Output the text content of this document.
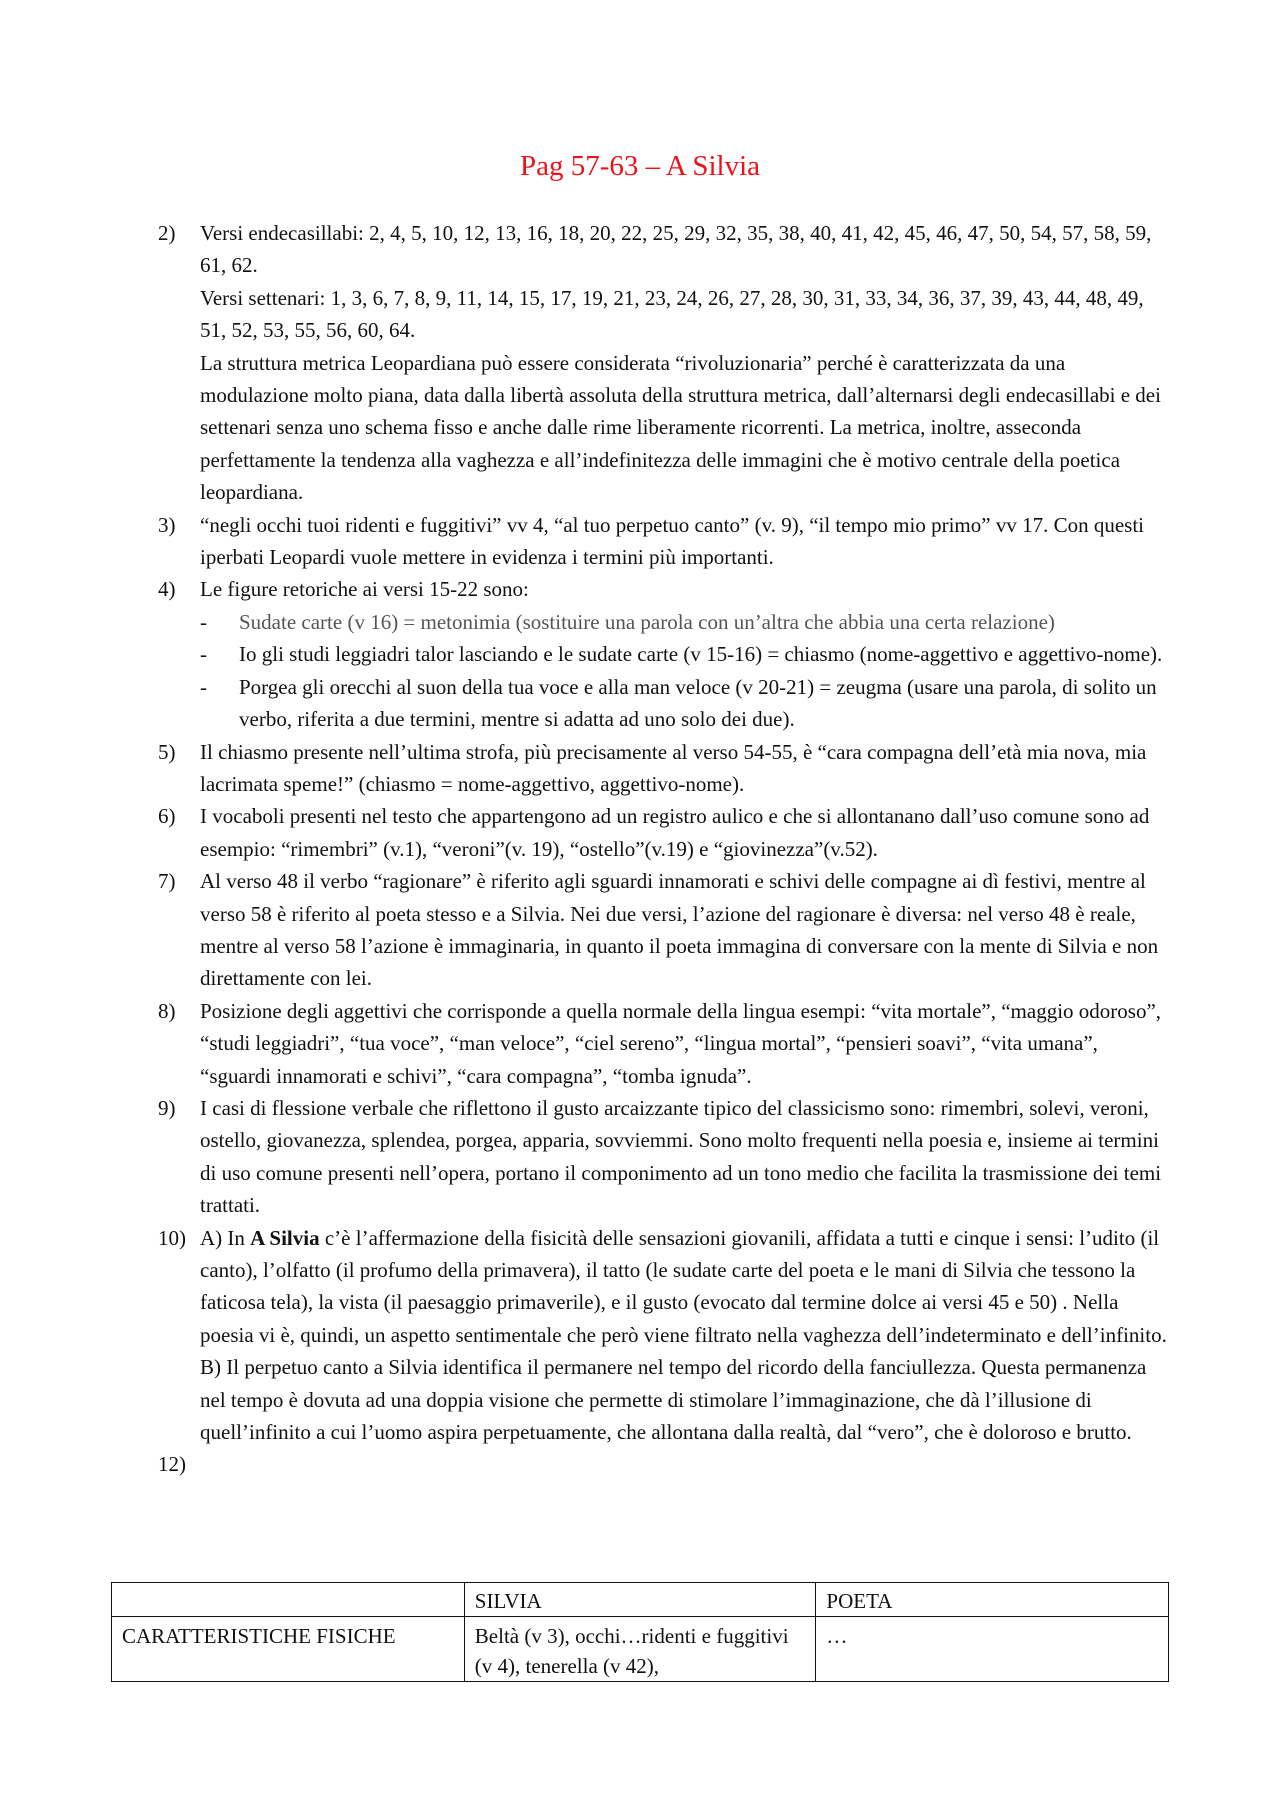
Pag 57-63 – A Silvia
2)	Versi endecasillabi: 2, 4, 5, 10, 12, 13, 16, 18, 20, 22, 25, 29, 32, 35, 38, 40, 41, 42, 45, 46, 47, 50, 54, 57, 58, 59, 61, 62.

Versi settenari: 1, 3, 6, 7, 8, 9, 11, 14, 15, 17, 19, 21, 23, 24, 26, 27, 28, 30, 31, 33, 34, 36, 37, 39, 43, 44, 48, 49, 51, 52, 53, 55, 56, 60, 64.

La struttura metrica Leopardiana può essere considerata “rivoluzionaria” perché è caratterizzata da una modulazione molto piana, data dalla libertà assoluta della struttura metrica, dall’alternarsi degli endecasillabi e dei settenari senza uno schema fisso e anche dalle rime liberamente ricorrenti. La metrica, inoltre, asseconda perfettamente la tendenza alla vaghezza e all’indefinitezza delle immagini che è motivo centrale della poetica leopardiana.

3)	“negli occhi tuoi ridenti e fuggitivi” vv 4, “al tuo perpetuo canto” (v. 9), “il tempo mio primo” vv 17. Con questi iperbati Leopardi vuole mettere in evidenza i termini più importanti.

4)	Le figure retoriche ai versi 15-22 sono:

-	Sudate carte (v 16) = metonimia (sostituire una parola con un’altra che abbia una certa relazione)
-	Io gli studi leggiadri talor lasciando e le sudate carte (v 15-16) = chiasmo (nome-aggettivo e aggettivo-nome).
-	Porgea gli orecchi al suon della tua voce e alla man veloce (v 20-21) = zeugma (usare una parola, di solito un verbo, riferita a due termini, mentre si adatta ad uno solo dei due).
5)	Il chiasmo presente nell’ultima strofa, più precisamente al verso 54-55, è “cara compagna dell’età mia nova, mia lacrimata speme!” (chiasmo = nome-aggettivo, aggettivo-nome).

6)	I vocaboli presenti nel testo che appartengono ad un registro aulico e che si allontanano dall’uso comune sono ad esempio: “rimembri” (v.1), “veroni”(v. 19), “ostello”(v.19) e “giovinezza”(v.52).

7)	Al verso 48 il verbo “ragionare” è riferito agli sguardi innamorati e schivi delle compagne ai dì festivi, mentre al verso 58 è riferito al poeta stesso e a Silvia. Nei due versi, l’azione del ragionare è diversa: nel verso 48 è reale, mentre al verso 58 l’azione è immaginaria, in quanto il poeta immagina di conversare con la mente di Silvia e non direttamente con lei.

8)	Posizione degli aggettivi che corrisponde a quella normale della lingua esempi: “vita mortale”, “maggio odoroso”, “studi leggiadri”, “tua voce”, “man veloce”, “ciel sereno”, “lingua mortal”, “pensieri soavi”, “vita umana”, “sguardi innamorati e schivi”, “cara compagna”, “tomba ignuda”.

9)	I casi di flessione verbale che riflettono il gusto arcaizzante tipico del classicismo sono: rimembri, solevi, veroni, ostello, giovanezza, splendea, porgea, apparia, sovviemmi. Sono molto frequenti nella poesia e, insieme ai termini di uso comune presenti nell’opera, portano il componimento ad un tono medio che facilita la trasmissione dei temi trattati.

10) A) In A Silvia c’è l’affermazione della fisicità delle sensazioni giovanili, affidata a tutti e cinque i sensi: l’udito (il canto), l’olfatto (il profumo della primavera), il tatto (le sudate carte del poeta e le mani di Silvia che tessono la faticosa tela), la vista (il paesaggio primaverile), e il gusto (evocato dal termine dolce ai versi 45 e 50) . Nella poesia vi è, quindi, un aspetto sentimentale che però viene filtrato nella vaghezza dell’indeterminato e dell’infinito.

B) Il perpetuo canto a Silvia identifica il permanere nel tempo del ricordo della fanciullezza. Questa permanenza nel tempo è dovuta ad una doppia visione che permette di stimolare l’immaginazione, che dà l’illusione di quell’infinito a cui l’uomo aspira perpetuamente, che allontana dalla realtà, dal “vero”, che è doloroso e brutto.

12)
	SILVIA	POETA
CARATTERISTICHE FISICHE	Beltà (v 3), occhi…ridenti e fuggitivi (v 4), tenerella (v 42),	…
